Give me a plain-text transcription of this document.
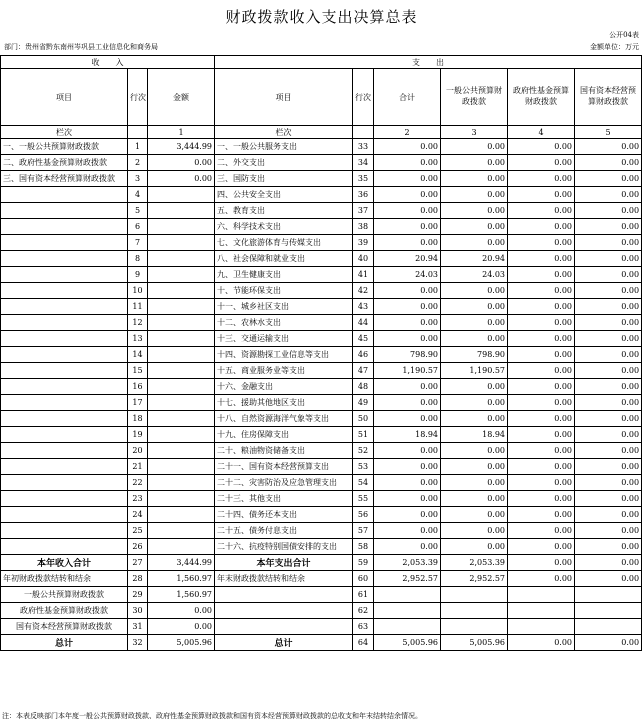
财政拨款收入支出决算总表
公开04表
部门：贵州省黔东南州岑巩县工业信息化和商务局	金额单位：万元
收　　入			支　　出					
项目	行次	金额	项目	行次	合计	一般公共预算财政拨款	政府性基金预算财政拨款	国有资本经营预算财政拨款
栏次		1	栏次		2	3	4	5
一、一般公共预算财政拨款	1	3,444.99	一、一般公共服务支出	33	0.00	0.00	0.00	0.00
二、政府性基金预算财政拨款	2	0.00	二、外交支出	34	0.00	0.00	0.00	0.00
三、国有资本经营预算财政拨款	3	0.00	三、国防支出	35	0.00	0.00	0.00	0.00
	4		四、公共安全支出	36	0.00	0.00	0.00	0.00
	5		五、教育支出	37	0.00	0.00	0.00	0.00
	6		六、科学技术支出	38	0.00	0.00	0.00	0.00
	7		七、文化旅游体育与传媒支出	39	0.00	0.00	0.00	0.00
	8		八、社会保障和就业支出	40	20.94	20.94	0.00	0.00
	9		九、卫生健康支出	41	24.03	24.03	0.00	0.00
	10		十、节能环保支出	42	0.00	0.00	0.00	0.00
	11		十一、城乡社区支出	43	0.00	0.00	0.00	0.00
	12		十二、农林水支出	44	0.00	0.00	0.00	0.00
	13		十三、交通运输支出	45	0.00	0.00	0.00	0.00
	14		十四、资源勘探工业信息等支出	46	798.90	798.90	0.00	0.00
	15		十五、商业服务业等支出	47	1,190.57	1,190.57	0.00	0.00
	16		十六、金融支出	48	0.00	0.00	0.00	0.00
	17		十七、援助其他地区支出	49	0.00	0.00	0.00	0.00
	18		十八、自然资源海洋气象等支出	50	0.00	0.00	0.00	0.00
	19		十九、住房保障支出	51	18.94	18.94	0.00	0.00
	20		二十、粮油物资储备支出	52	0.00	0.00	0.00	0.00
	21		二十一、国有资本经营预算支出	53	0.00	0.00	0.00	0.00
	22		二十二、灾害防治及应急管理支出	54	0.00	0.00	0.00	0.00
	23		二十三、其他支出	55	0.00	0.00	0.00	0.00
	24		二十四、债务还本支出	56	0.00	0.00	0.00	0.00
	25		二十五、债务付息支出	57	0.00	0.00	0.00	0.00
	26		二十六、抗疫特别国债安排的支出	58	0.00	0.00	0.00	0.00
本年收入合计	27	3,444.99	本年支出合计	59	2,053.39	2,053.39	0.00	0.00
年初财政拨款结转和结余	28	1,560.97	年末财政拨款结转和结余	60	2,952.57	2,952.57	0.00	0.00
一般公共预算财政拨款	29	1,560.97		61				
政府性基金预算财政拨款	30	0.00		62				
国有资本经营预算财政拨款	31	0.00		63				
总计	32	5,005.96	总计	64	5,005.96	5,005.96	0.00	0.00
注：本表反映部门本年度一般公共预算财政拨款、政府性基金预算财政拨款和国有资本经营预算财政拨款的总收支和年末结转结余情况。
